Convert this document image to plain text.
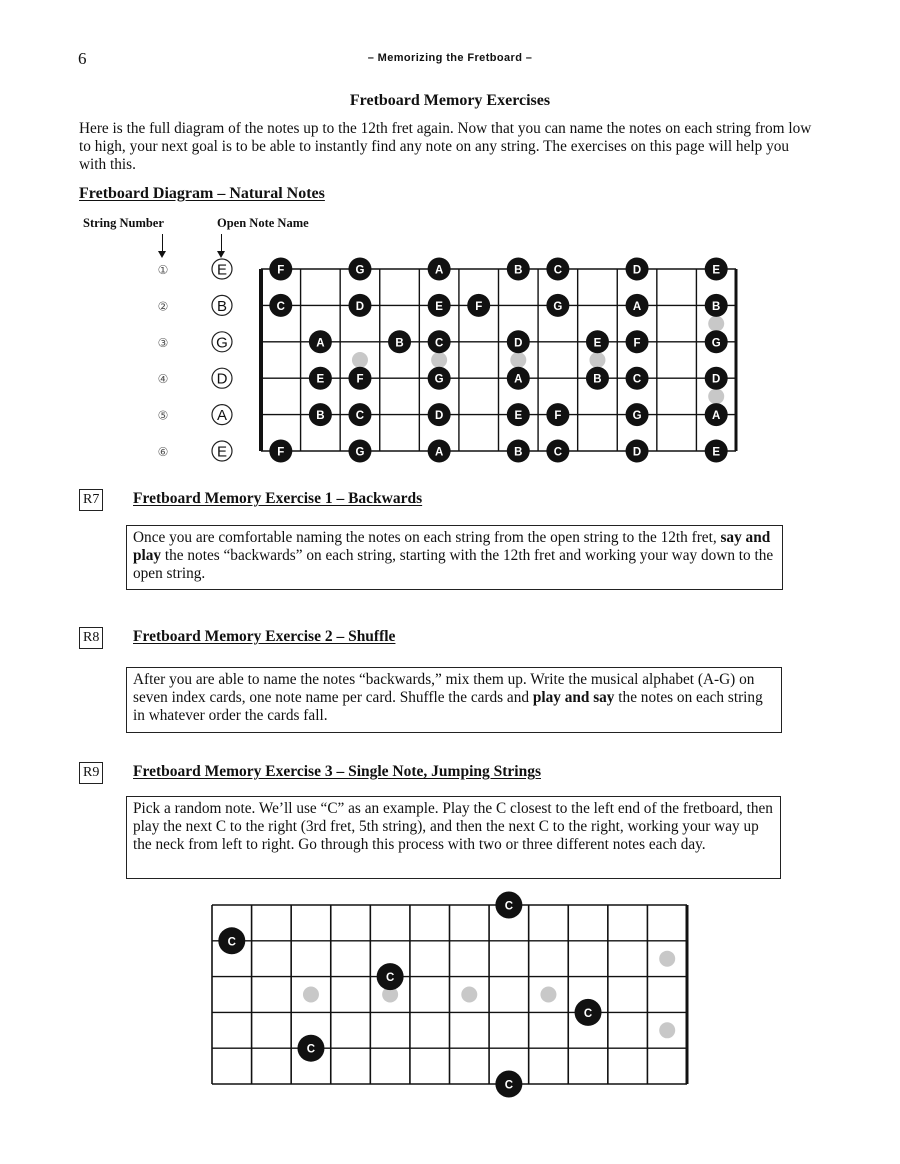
6	– Memorizing the Fretboard –
Fretboard Memory Exercises
Here is the full diagram of the notes up to the 12th fret again. Now that you can name the notes on each string from low to high, your next goal is to be able to instantly find any note on any string. The exercises on this page will help you with this.
Fretboard Diagram – Natural Notes
String Number	Open Note Name
①	E	F	G	A	B	C	D	E
②	B	C	D	E	F	G	A	B
③	G	A	B	C	D	E	F	G
④	D	E	F	G	A	B	C	D
⑤	A	B	C	D	E	F	G	A
⑥	E	F	G	A	B	C	D	E
C
C
C
C
C
C
R7 Fretboard Memory Exercise 1 – Backwards
Once you are comfortable naming the notes on each string from the open string to the 12th fret, say and play the notes “backwards” on each string, starting with the 12th fret and working your way down to the open string.
R8 Fretboard Memory Exercise 2 – Shuffle
After you are able to name the notes “backwards,” mix them up. Write the musical alphabet (A-G) on seven index cards, one note name per card. Shuffle the cards and play and say the notes on each string in whatever order the cards fall.
R9 Fretboard Memory Exercise 3 – Single Note, Jumping Strings
Pick a random note. We’ll use “C” as an example. Play the C closest to the left end of the fretboard, then play the next C to the right (3rd fret, 5th string), and then the next C to the right, working your way up the neck from left to right. Go through this process with two or three different notes each day.
